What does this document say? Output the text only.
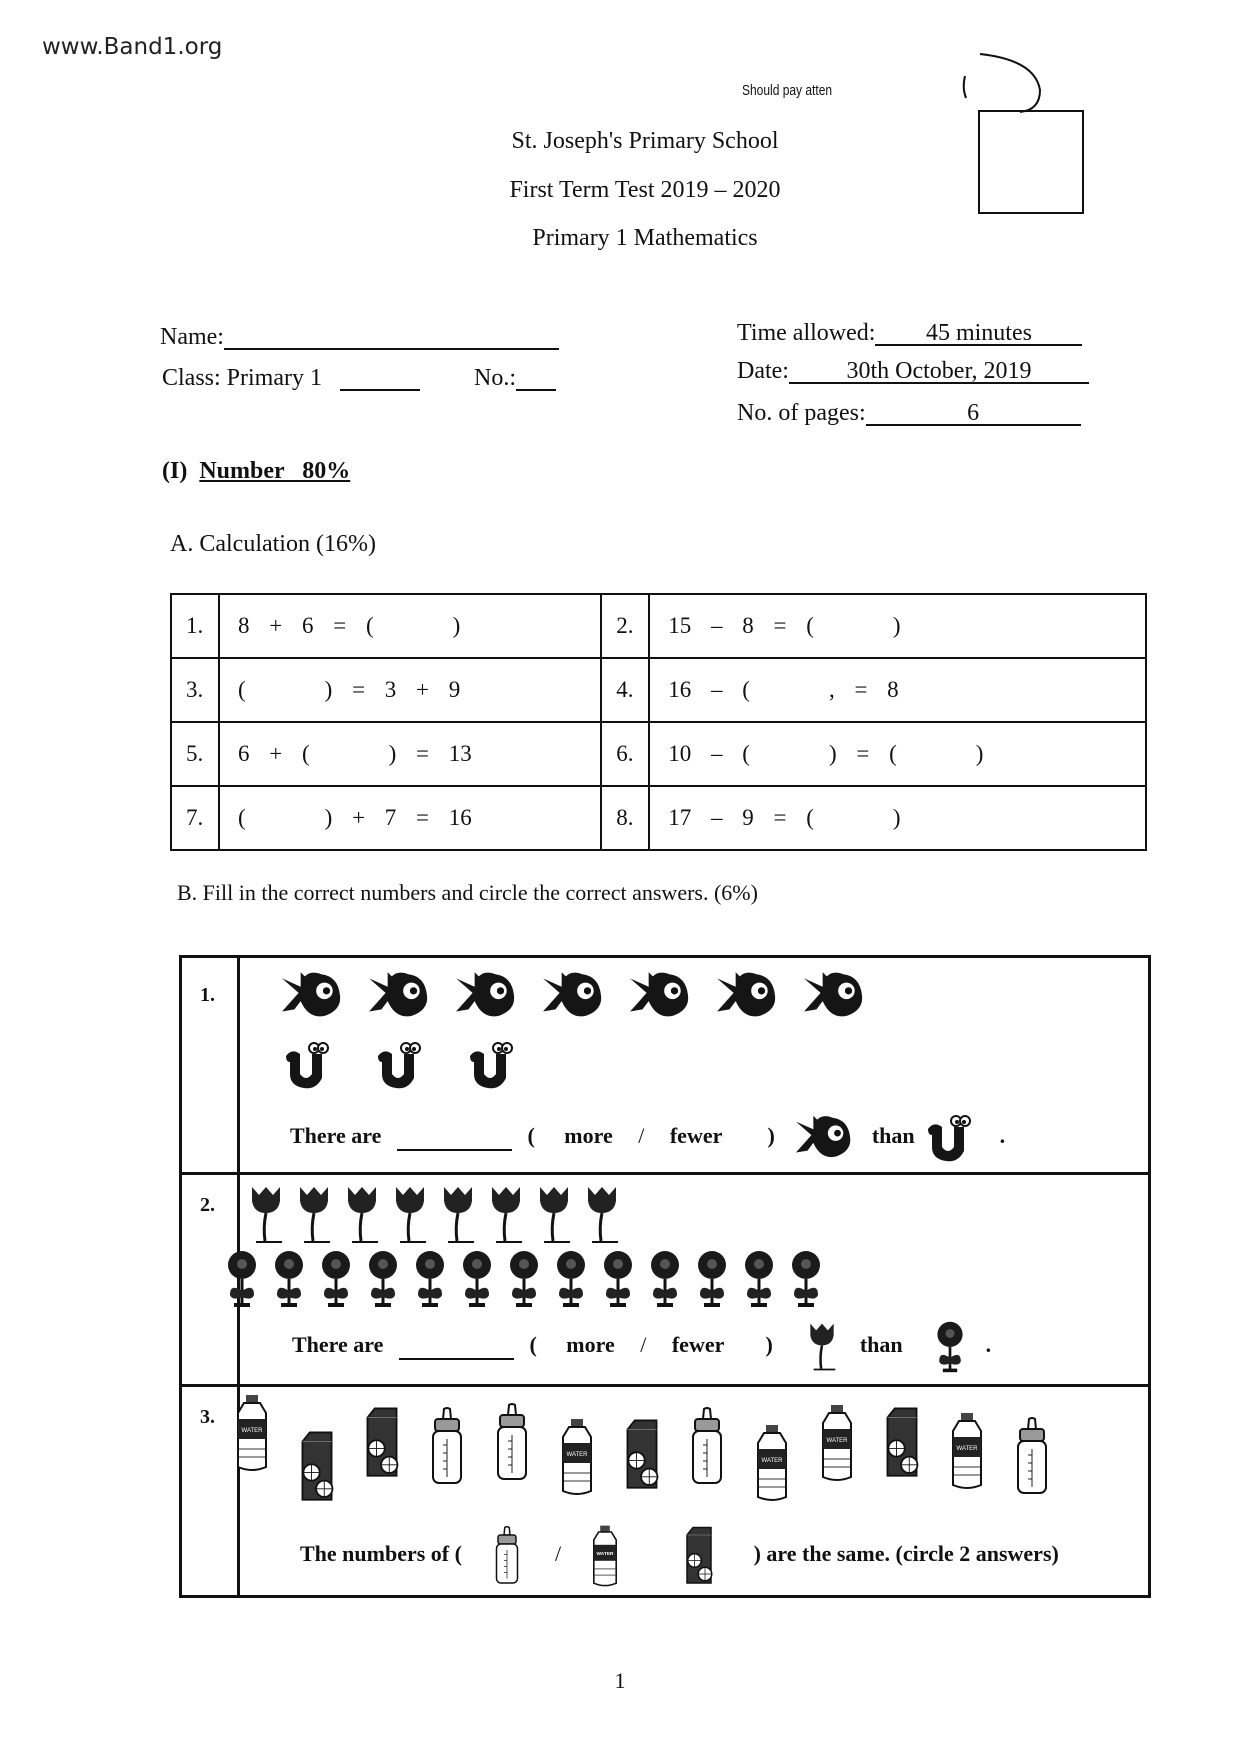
www.Band1.org
Should pay atten
St. Joseph's Primary School
First Term Test 2019 – 2020
Primary 1 Mathematics
Name:
Class: Primary 1	No.:
Time allowed: 45 minutes
Date: 30th October, 2019
No. of pages:	6
(I) Number   80%
A. Calculation (16%)
1.	8 + 6 = (    )	2.	15 – 8 = (    )
3.	(    ) = 3 + 9	4.	16 – (    , = 8
5.	6 + (    ) = 13	6.	10 – (    ) = (    )
7.	(    ) + 7 = 16	8.	17 – 9 = (    )
B. Fill in the correct numbers and circle the correct answers. (6%)
1.
There are	( more / fewer )	than	.
2.
There are	( more / fewer )	than	.
3.
The numbers of (	/	) are the same. (circle 2 answers)
1
